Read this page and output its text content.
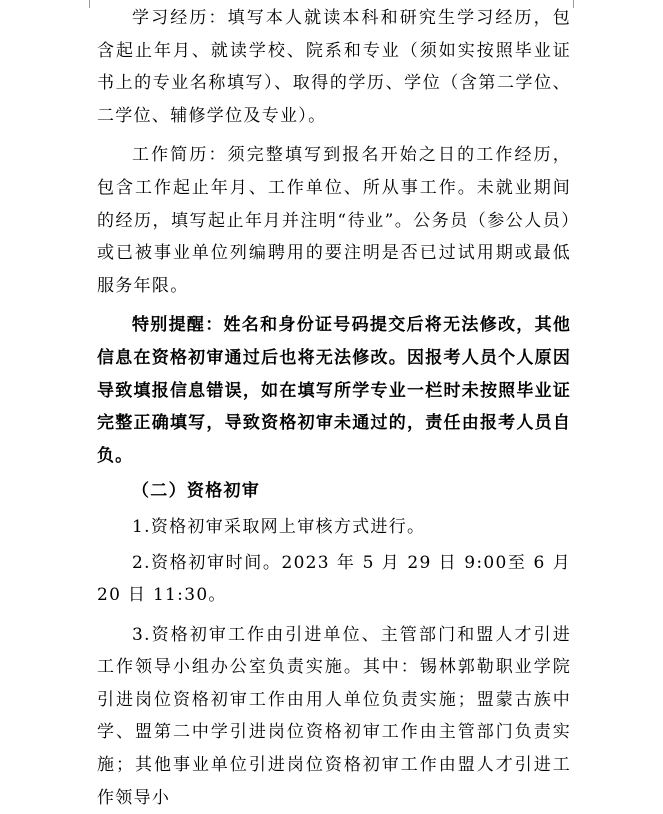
学习经历：填写本人就读本科和研究生学习经历，包含起止年月、就读学校、院系和专业（须如实按照毕业证书上的专业名称填写）、取得的学历、学位（含第二学位、二学位、辅修学位及专业）。

工作简历：须完整填写到报名开始之日的工作经历，包含工作起止年月、工作单位、所从事工作。未就业期间的经历，填写起止年月并注明“待业”。公务员（参公人员）或已被事业单位列编聘用的要注明是否已过试用期或最低服务年限。

特别提醒：姓名和身份证号码提交后将无法修改，其他信息在资格初审通过后也将无法修改。因报考人员个人原因导致填报信息错误，如在填写所学专业一栏时未按照毕业证完整正确填写，导致资格初审未通过的，责任由报考人员自负。

（二）资格初审

1.资格初审采取网上审核方式进行。

2.资格初审时间。2023 年 5 月 29 日 9:00至 6 月 20 日 11:30。

3.资格初审工作由引进单位、主管部门和盟人才引进工作领导小组办公室负责实施。其中：锡林郭勒职业学院引进岗位资格初审工作由用人单位负责实施；盟蒙古族中学、盟第二中学引进岗位资格初审工作由主管部门负责实施；其他事业单位引进岗位资格初审工作由盟人才引进工作领导小
